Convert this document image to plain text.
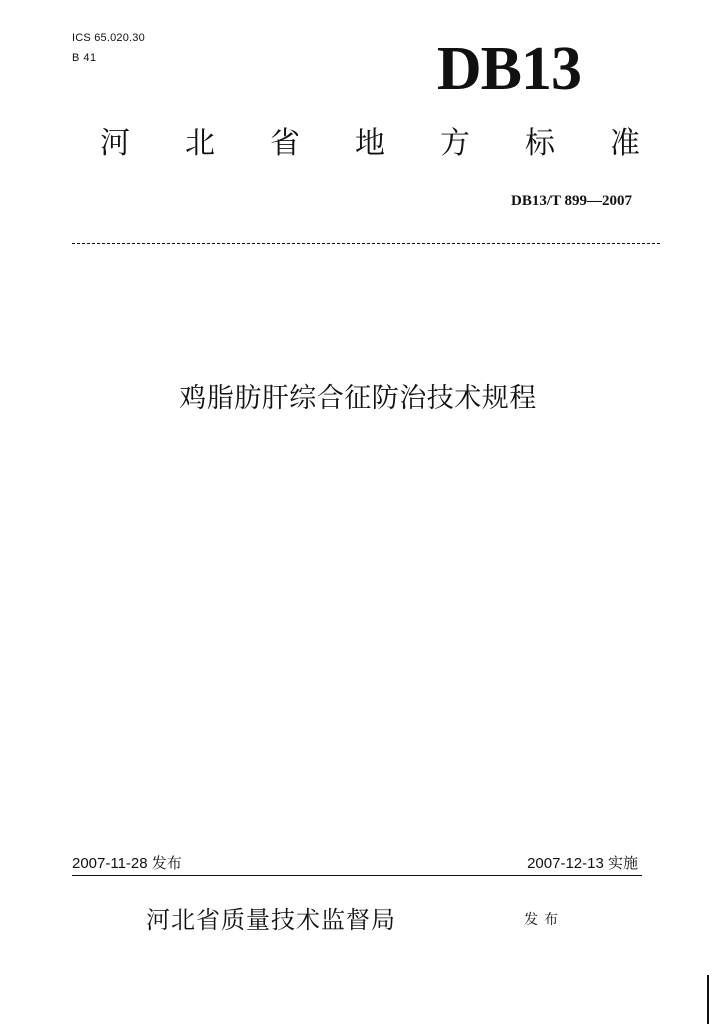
ICS 65.020.30
B 41	DB13
河 北 省 地 方 标 准
DB13/T 899—2007
鸡脂肪肝综合征防治技术规程
2007-11-28 发布	2007-12-13 实施
河北省质量技术监督局	发布
